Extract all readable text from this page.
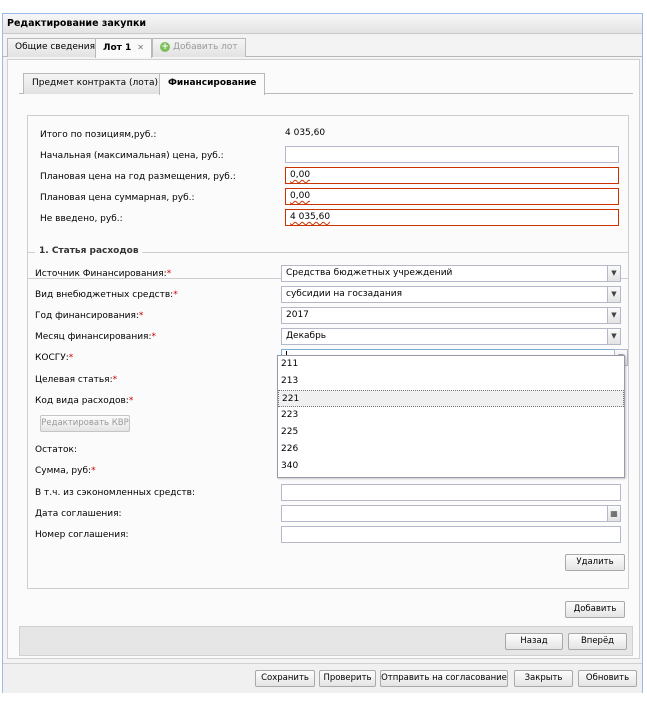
Редактирование закупки
Общие сведения Лот 1 ✕	+ Добавить лот
Предмет контракта (лота)	Финансирование
Итого по позициям,руб.:	4 035,60
Начальная (максимальная) цена, руб.:
Плановая цена на год размещения, руб.:	0,00
Плановая цена суммарная, руб.:	0,00
Не введено, руб.:	4 035,60
1. Статья расходов
Источник Финансирования:*	Средства бюджетных учреждений	▼
Вид внебюджетных средств:*	субсидии на госзадания	▼
Год финансирования:*	2017	▼
Месяц финансирования:*	Декабрь	▼
КОСГУ:*
Целевая статья:*
Код вида расходов:*
Редактировать КВР
Остаток:
Сумма, руб:*
В т.ч. из сэкономленных средств:
Дата соглашения:	▦
Номер соглашения:
Удалить
Добавить
Назад	Вперёд
211
213
221
223
225
226
340
Сохранить	Проверить	Отправить на согласование	Закрыть	Обновить
